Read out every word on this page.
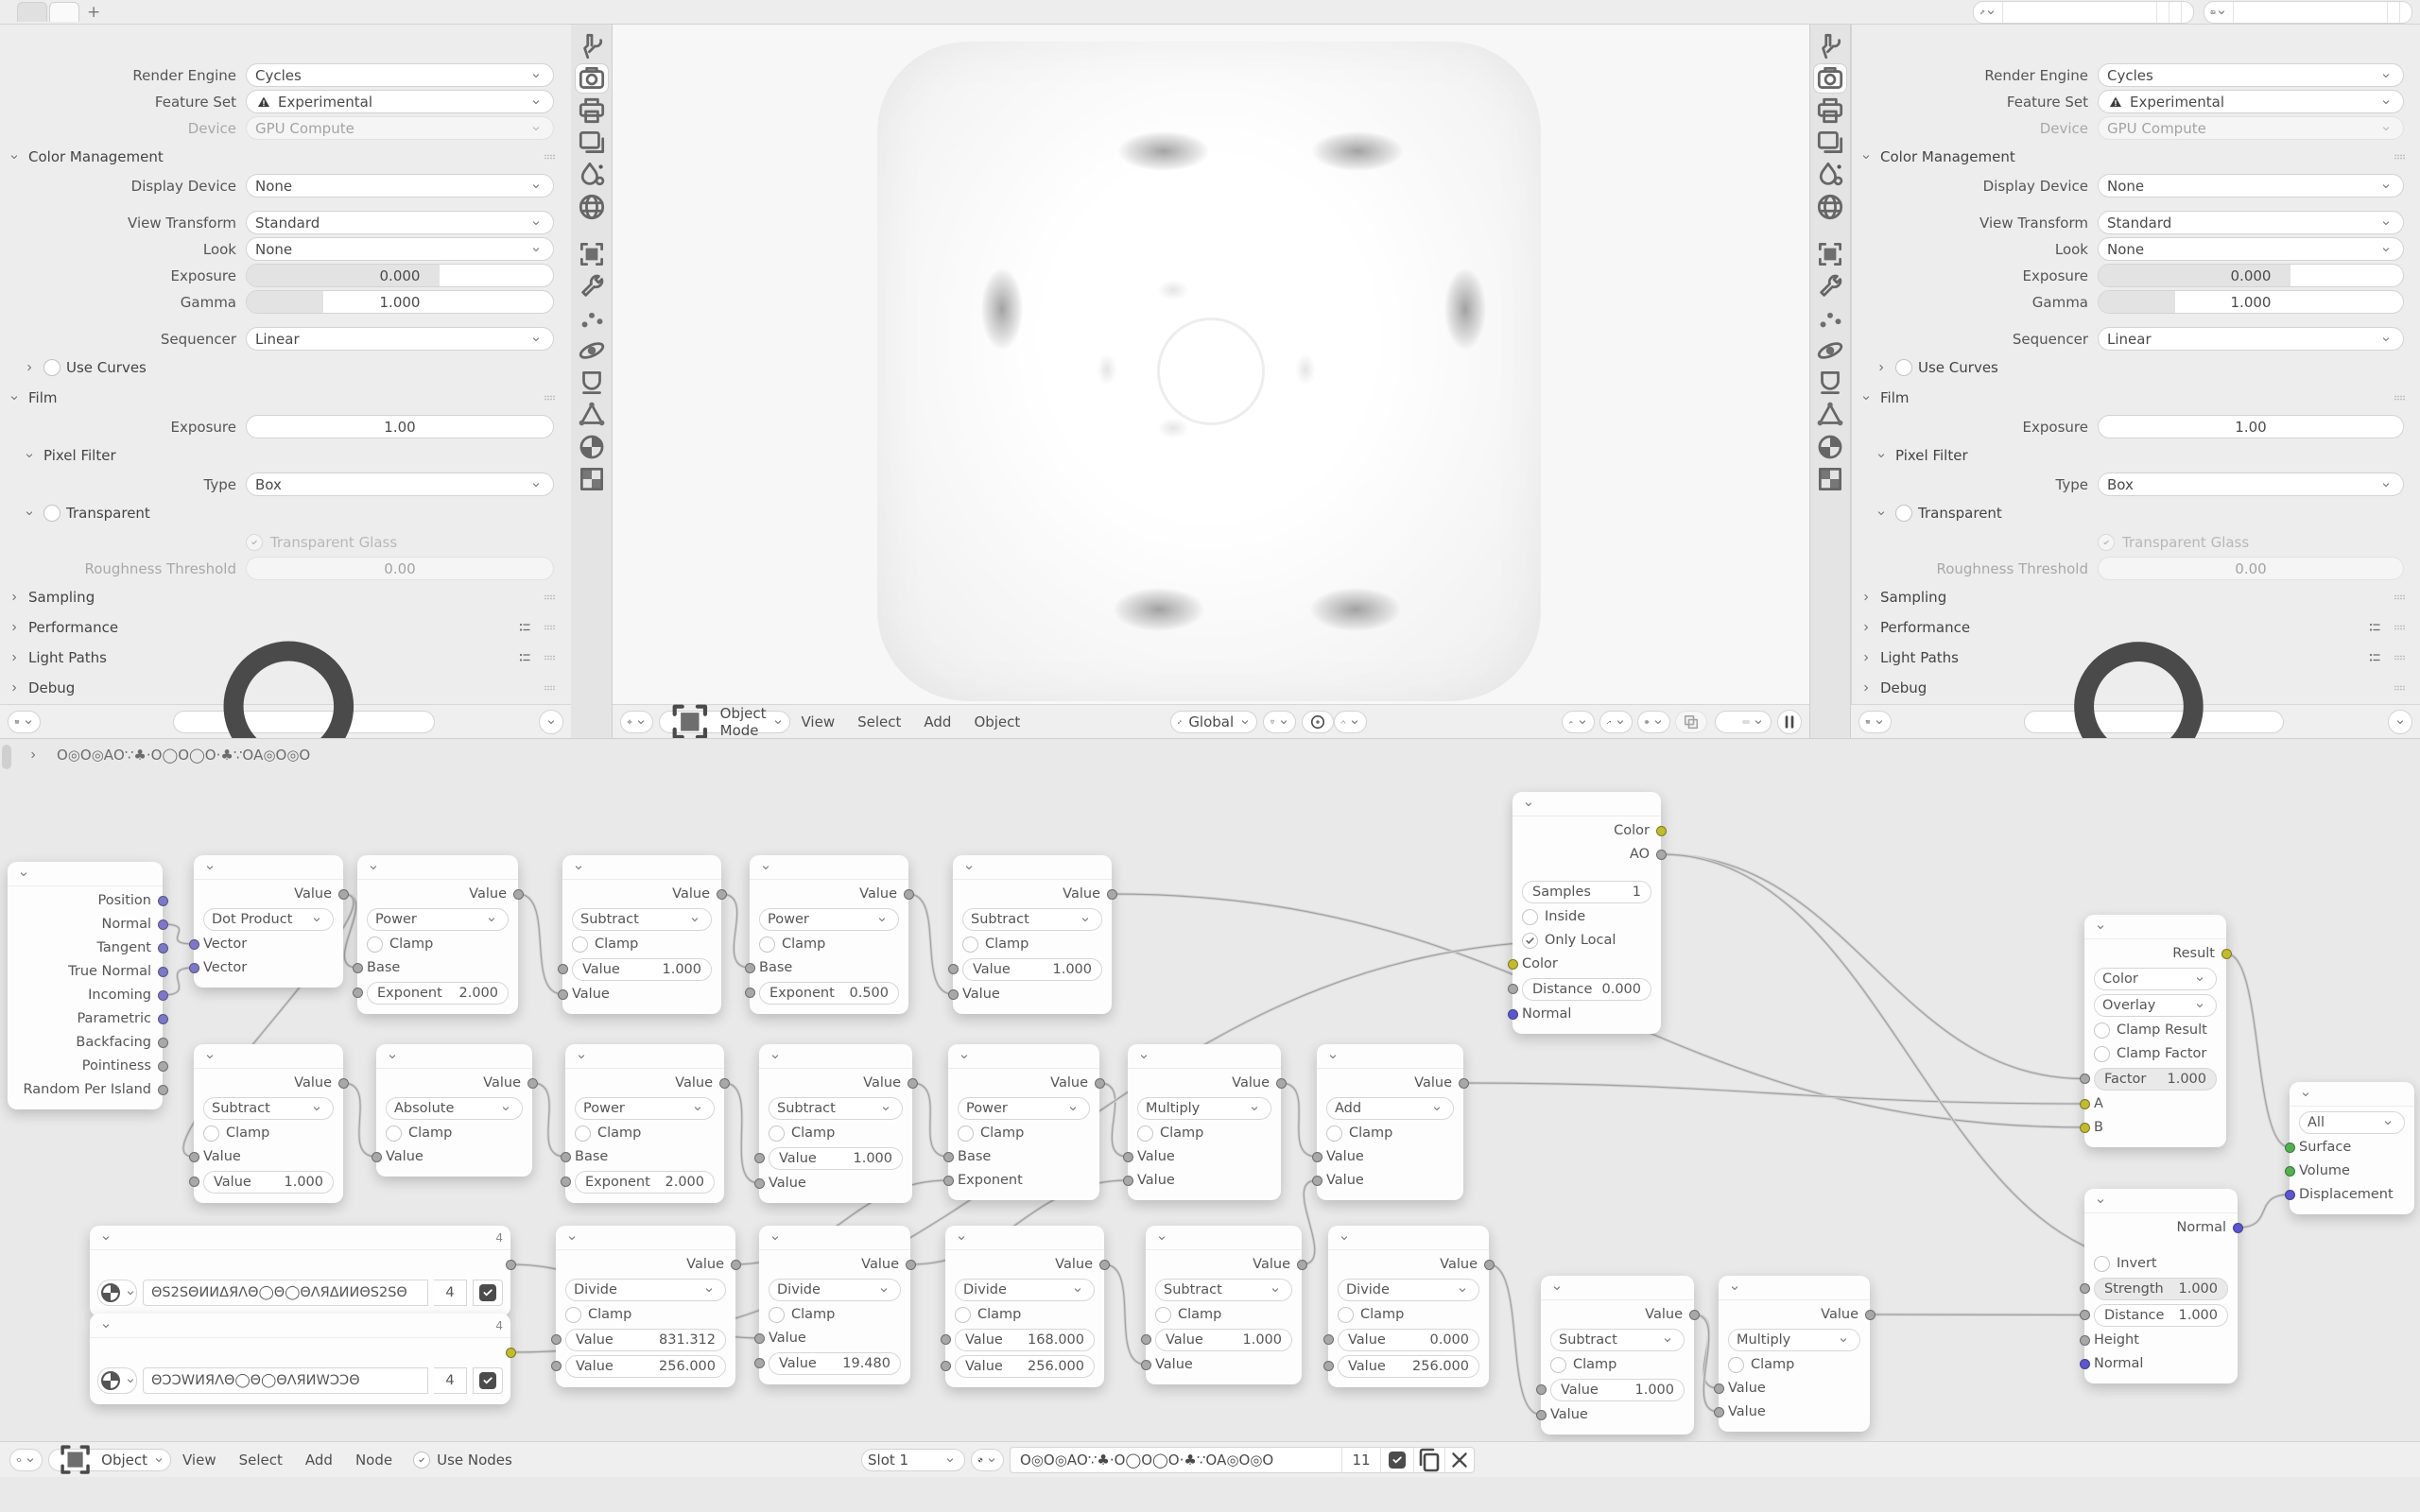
+
Render Engine	Cycles
Feature Set	Experimental
Device	GPU Compute
Color Management
Display Device	None
View Transform	Standard
Look	None
Exposure	0.000
Gamma	1.000
Sequencer	Linear
Use Curves
Film
Exposure	1.00
Pixel Filter
Type	Box
Transparent
Transparent Glass
Roughness Threshold	0.00
Sampling
Performance
Light Paths
Debug
Render Engine	Cycles
Feature Set	Experimental
Device	GPU Compute
Color Management
Display Device	None
View Transform	Standard
Look	None
Exposure	0.000
Gamma	1.000
Sequencer	Linear
Use Curves
Film
Exposure	1.00
Pixel Filter
Type	Box
Transparent
Transparent Glass
Roughness Threshold	0.00
Sampling
Performance
Light Paths
Debug
Object Mode	View	Select	Add	Object	Global
Position
Normal
Tangent
True Normal
Incoming
Parametric
Backfacing
Pointiness
Random Per Island
Value
Dot Product
Vector
Vector
Value
Power
Clamp
Base
Exponent 2.000
Value
Subtract
Clamp
Value	1.000
Value
Value
Power
Clamp
Base
Exponent 0.500
Value
Subtract
Clamp
Value	1.000
Value
Value
Subtract
Clamp
Value
Value 1.000
Value
Absolute
Clamp
Value
Value
Power
Clamp
Base
Exponent 2.000
Value
Subtract
Clamp
Value	1.000
Value
Value
Power
Clamp
Base
Exponent
Value
Multiply
Clamp
Value
Value
Value
Add
Clamp
Value
Value
4
ΘS2SΘИИΔЯΛΘ◯Θ◯ΘΛЯΔИИΘS2SΘ	4
4
ΘϽϽWИЯΛΘ◯Θ◯ΘΛЯИWϽϽΘ	4
Value
Divide
Clamp
Value	831.312
Value	256.000
Value
Divide
Clamp
Value
Value 19.480
Value
Divide
Clamp
Value 168.000
Value 256.000
Value
Subtract
Clamp
Value	1.000
Value
Value
Divide
Clamp
Value	0.000
Value 256.000
Value
Subtract
Clamp
Value	1.000
Value
Value
Multiply
Clamp
Value
Value
Color
AO
Samples	1
Inside
Only Local
Color
Distance 0.000
Normal
Result
Color
Overlay
Clamp Result
Clamp Factor
Factor 1.000
A
B	All
Surface
Volume
Displacement
Normal
Invert
Strength 1.000
Distance 1.000
Height
Normal
Ο◎Ο◎ΑΟ∵♣·Ο◯Ο◯Ο·♣∵ΟΑ◎Ο◎Ο
Object	View	Select	Add	Node	Use Nodes	Slot 1	Ο◎Ο◎ΑΟ∵♣·Ο◯Ο◯Ο·♣∵ΟΑ◎Ο◎Ο	11
